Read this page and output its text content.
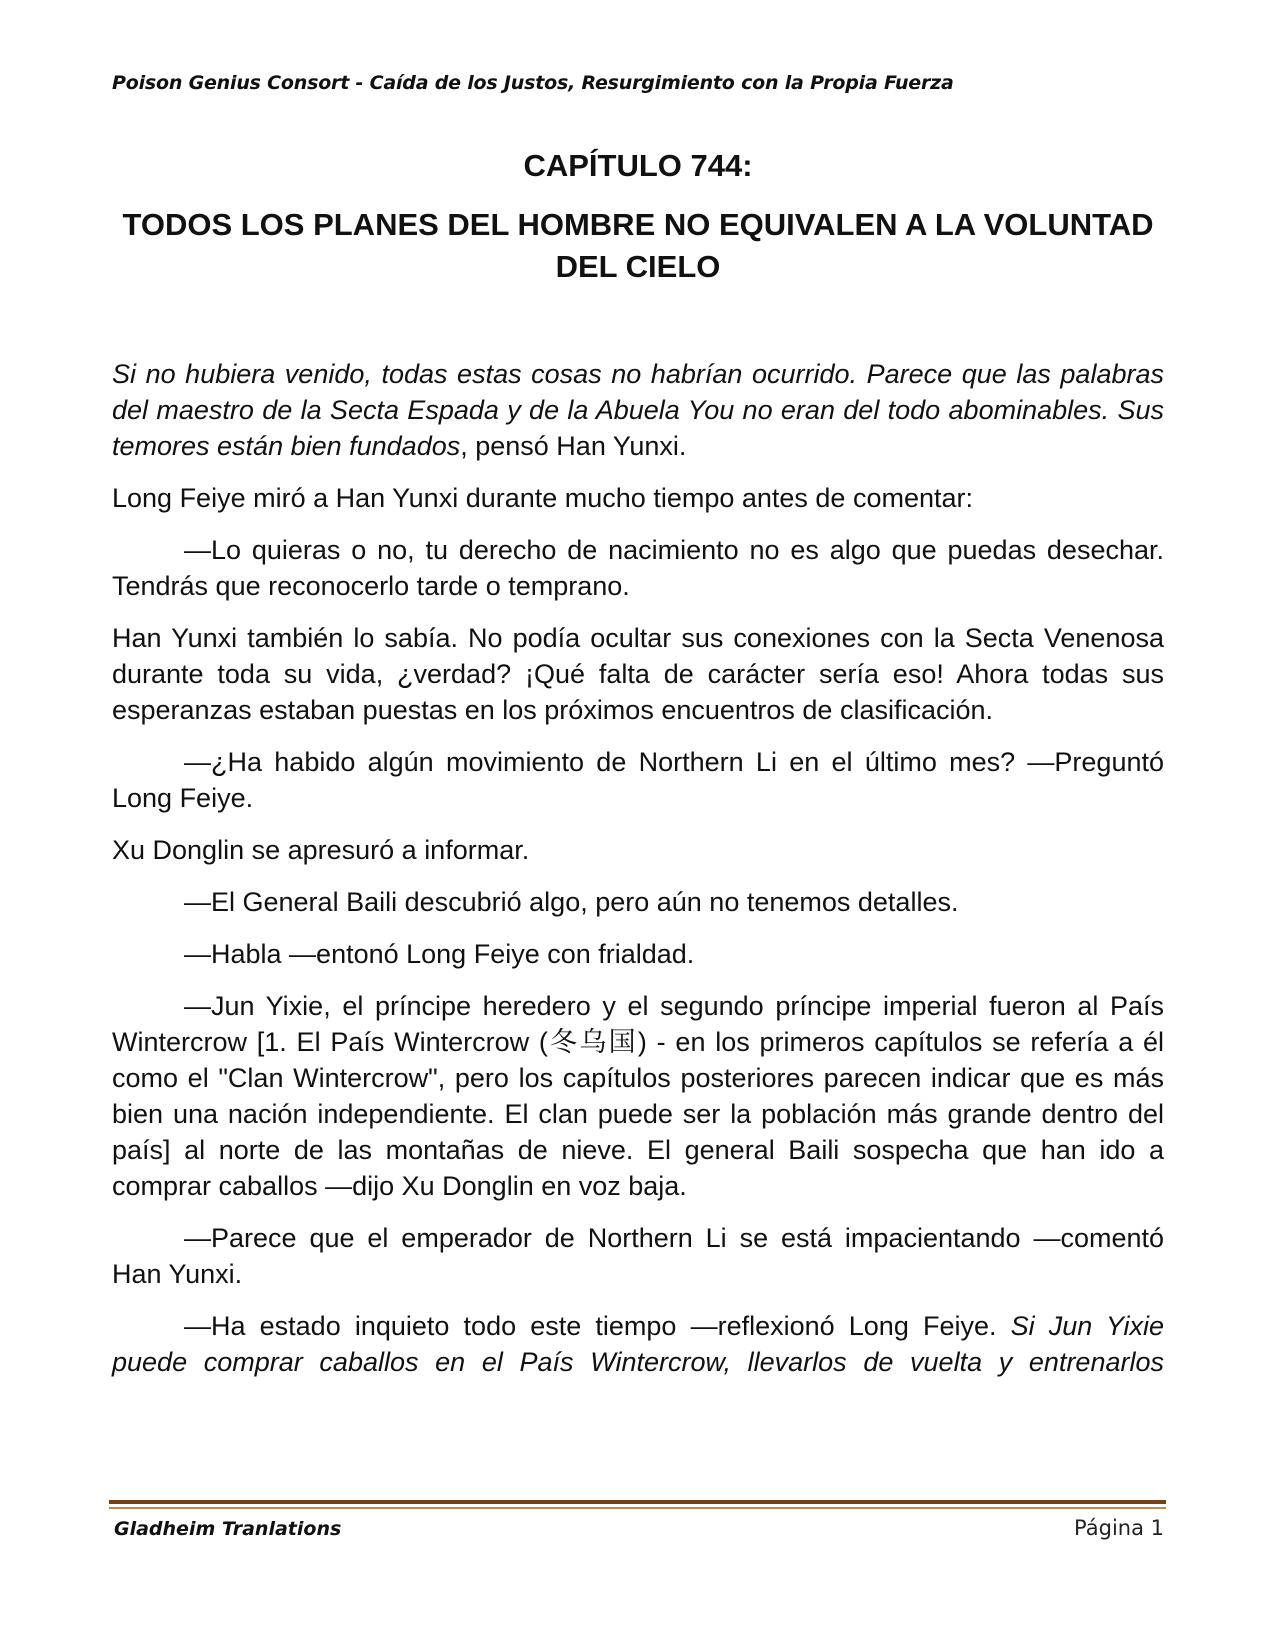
Poison Genius Consort - Caída de los Justos, Resurgimiento con la Propia Fuerza
CAPÍTULO 744:
TODOS LOS PLANES DEL HOMBRE NO EQUIVALEN A LA VOLUNTAD DEL CIELO

Si no hubiera venido, todas estas cosas no habrían ocurrido. Parece que las palabras del maestro de la Secta Espada y de la Abuela You no eran del todo abominables. Sus temores están bien fundados, pensó Han Yunxi.

Long Feiye miró a Han Yunxi durante mucho tiempo antes de comentar:

—Lo quieras o no, tu derecho de nacimiento no es algo que puedas desechar. Tendrás que reconocerlo tarde o temprano.

Han Yunxi también lo sabía. No podía ocultar sus conexiones con la Secta Venenosa durante toda su vida, ¿verdad? ¡Qué falta de carácter sería eso! Ahora todas sus esperanzas estaban puestas en los próximos encuentros de clasificación.

—¿Ha habido algún movimiento de Northern Li en el último mes? —Preguntó Long Feiye.

Xu Donglin se apresuró a informar.

—El General Baili descubrió algo, pero aún no tenemos detalles.

—Habla —entonó Long Feiye con frialdad.

—Jun Yixie, el príncipe heredero y el segundo príncipe imperial fueron al País Wintercrow [1. El País Wintercrow (冬乌国) - en los primeros capítulos se refería a él como el "Clan Wintercrow", pero los capítulos posteriores parecen indicar que es más bien una nación independiente. El clan puede ser la población más grande dentro del país] al norte de las montañas de nieve. El general Baili sospecha que han ido a comprar caballos —dijo Xu Donglin en voz baja.

—Parece que el emperador de Northern Li se está impacientando —comentó Han Yunxi.

—Ha estado inquieto todo este tiempo —reflexionó Long Feiye. Si Jun Yixie puede comprar caballos en el País Wintercrow, llevarlos de vuelta y entrenarlos

Gladheim Tranlations	Página 1
